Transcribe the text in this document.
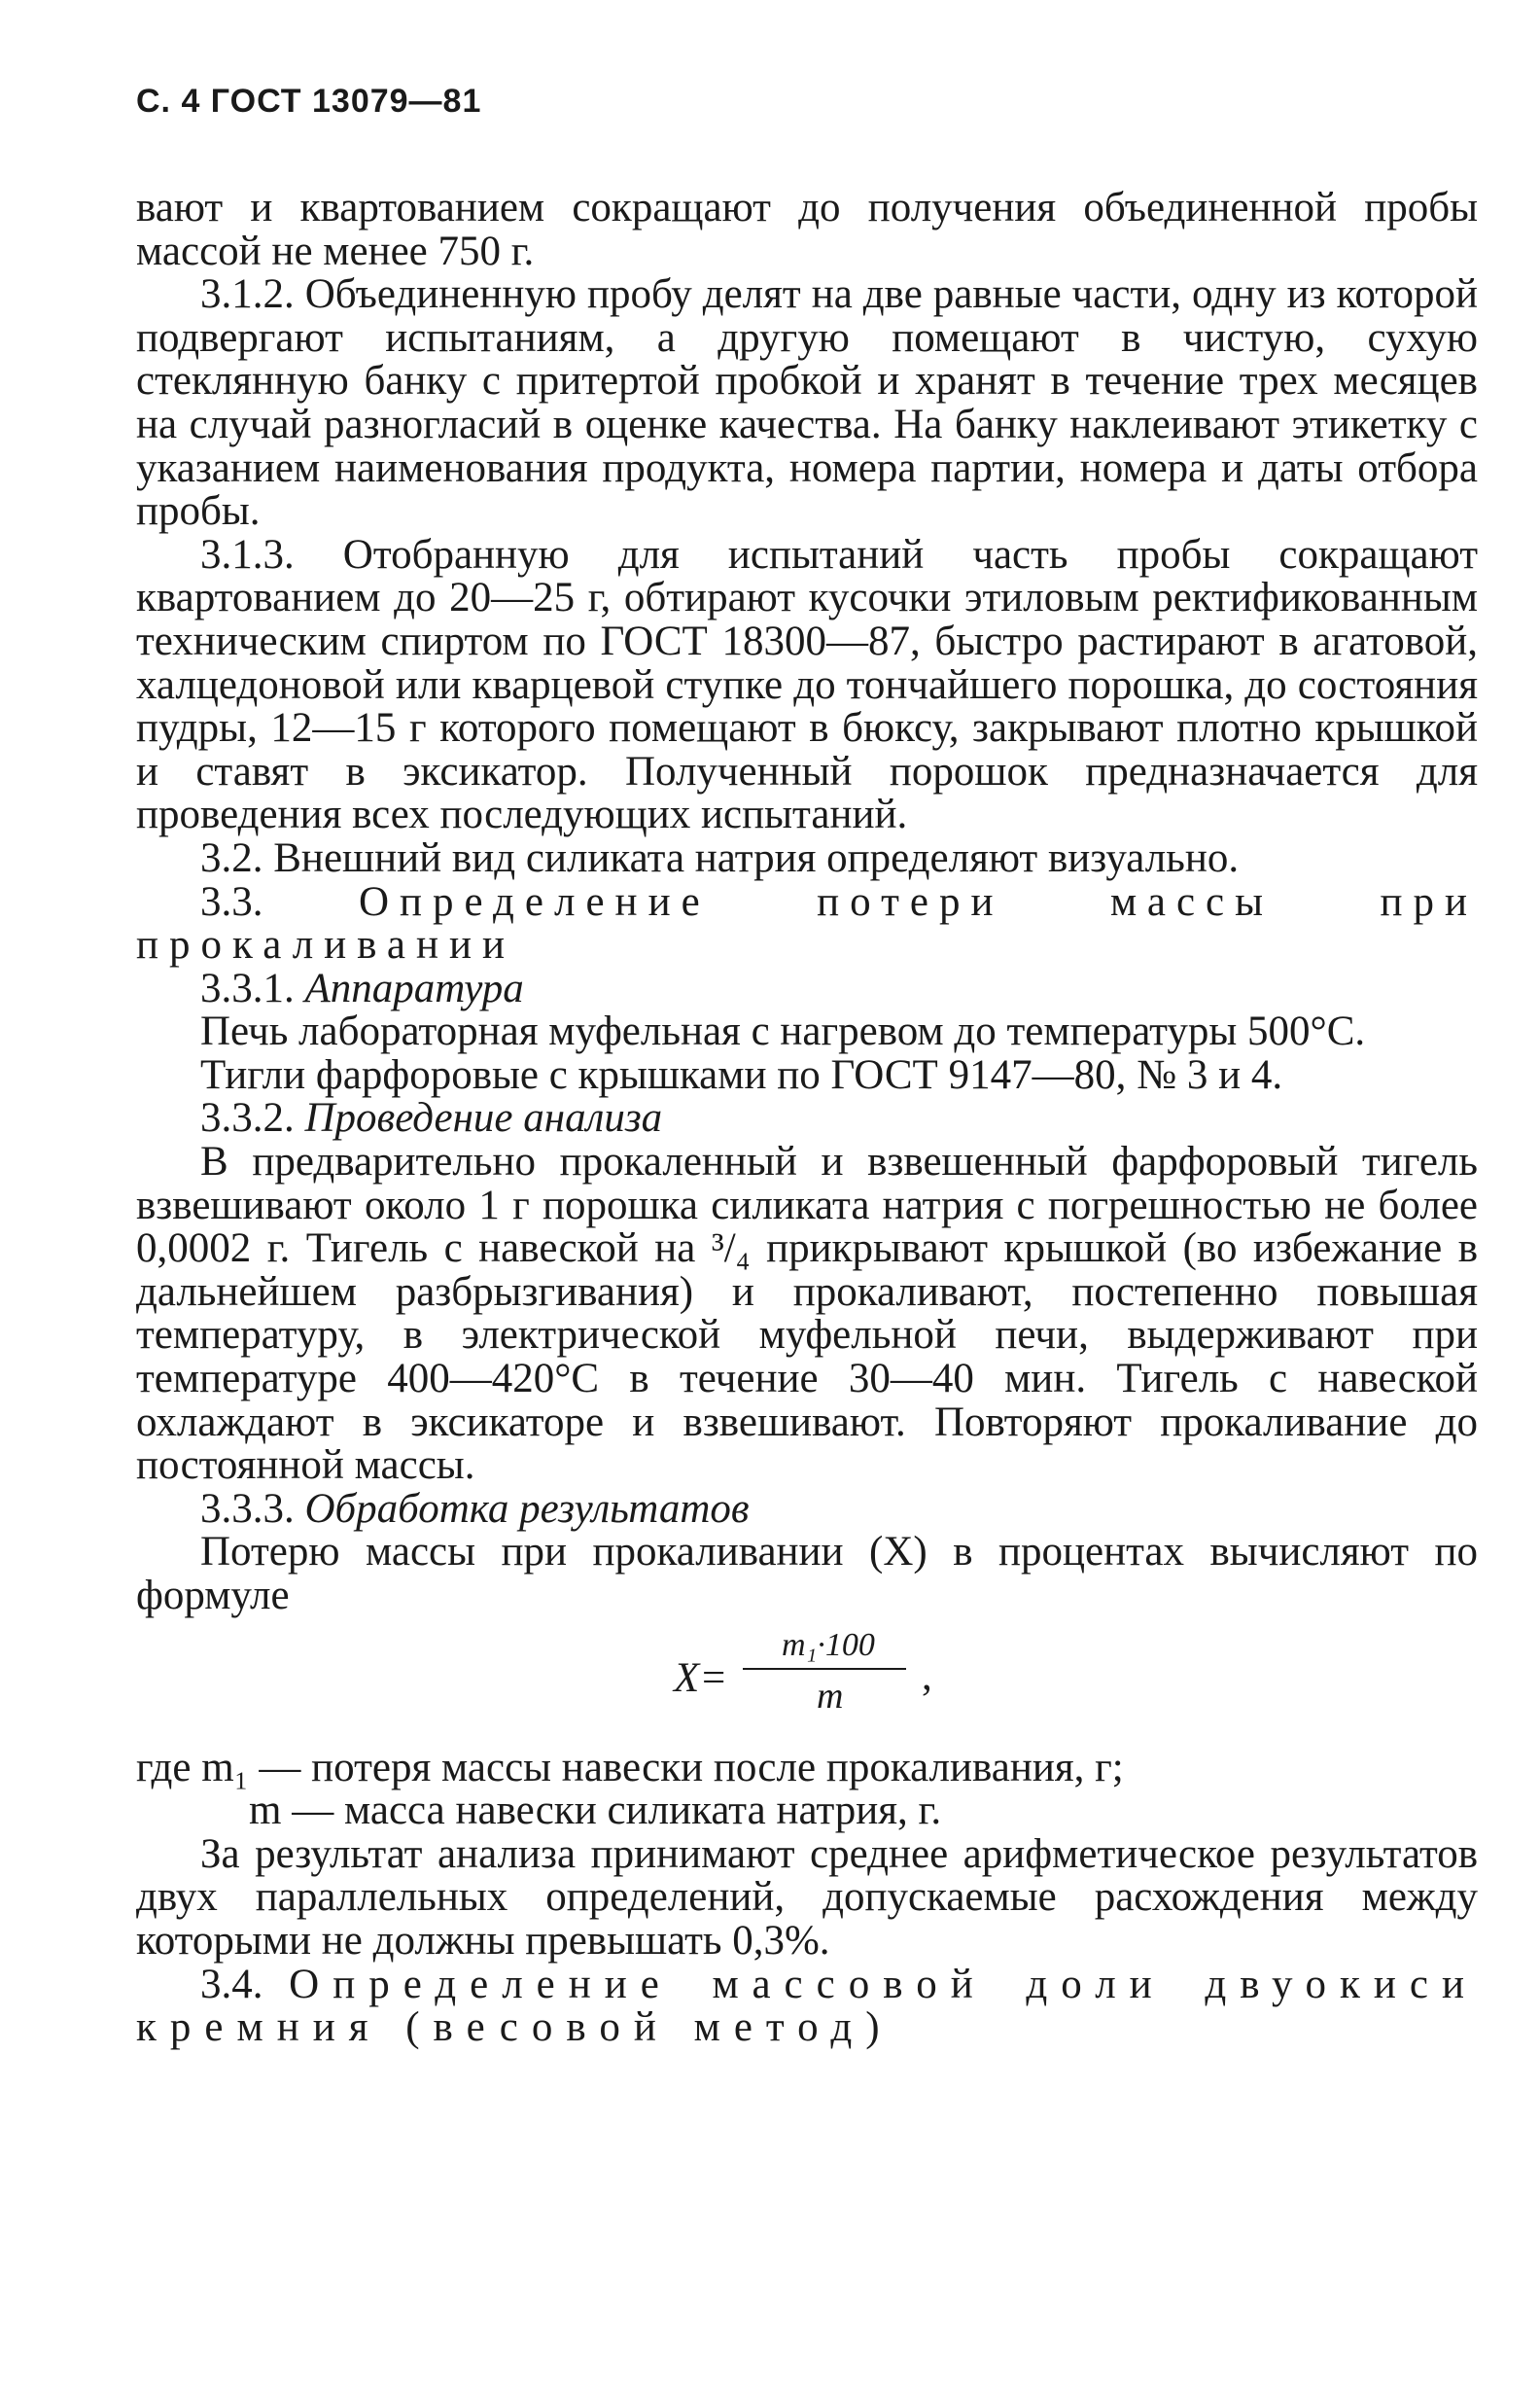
С. 4 ГОСТ 13079—81

вают и квартованием сокращают до получения объединенной пробы массой не менее 750 г.

3.1.2. Объединенную пробу делят на две равные части, одну из которой подвергают испытаниям, а другую помещают в чистую, сухую стеклянную банку с притертой пробкой и хранят в течение трех месяцев на случай разногласий в оценке качества. На банку наклеивают этикетку с указанием наименования продукта, номера партии, номера и даты отбора пробы.

3.1.3. Отобранную для испытаний часть пробы сокращают квартованием до 20—25 г, обтирают кусочки этиловым ректификованным техническим спиртом по ГОСТ 18300—87, быстро растирают в агатовой, халцедоновой или кварцевой ступке до тончайшего порошка, до состояния пудры, 12—15 г которого помещают в бюксу, закрывают плотно крышкой и ставят в эксикатор. Полученный порошок предназначается для проведения всех последующих испытаний.

3.2. Внешний вид силиката натрия определяют визуально.

3.3. Определение потери массы при прокаливании

3.3.1. Аппаратура

Печь лабораторная муфельная с нагревом до температуры 500°С.

Тигли фарфоровые с крышками по ГОСТ 9147—80, № 3 и 4.

3.3.2. Проведение анализа

В предварительно прокаленный и взвешенный фарфоровый тигель взвешивают около 1 г порошка силиката натрия с погрешностью не более 0,0002 г. Тигель с навеской на ³/₄ прикрывают крышкой (во избежание в дальнейшем разбрызгивания) и прокаливают, постепенно повышая температуру, в электрической муфельной печи, выдерживают при температуре 400—420°С в течение 30—40 мин. Тигель с навеской охлаждают в эксикаторе и взвешивают. Повторяют прокаливание до постоянной массы.

3.3.3. Обработка результатов

Потерю массы при прокаливании (X) в процентах вычисляют по формуле

X=
m₁·100
m ,

где m₁ — потеря массы навески после прокаливания, г;

m — масса навески силиката натрия, г.

За результат анализа принимают среднее арифметическое результатов двух параллельных определений, допускаемые расхождения между которыми не должны превышать 0,3%.

3.4. Определение массовой доли двуокиси кремния (весовой метод)
